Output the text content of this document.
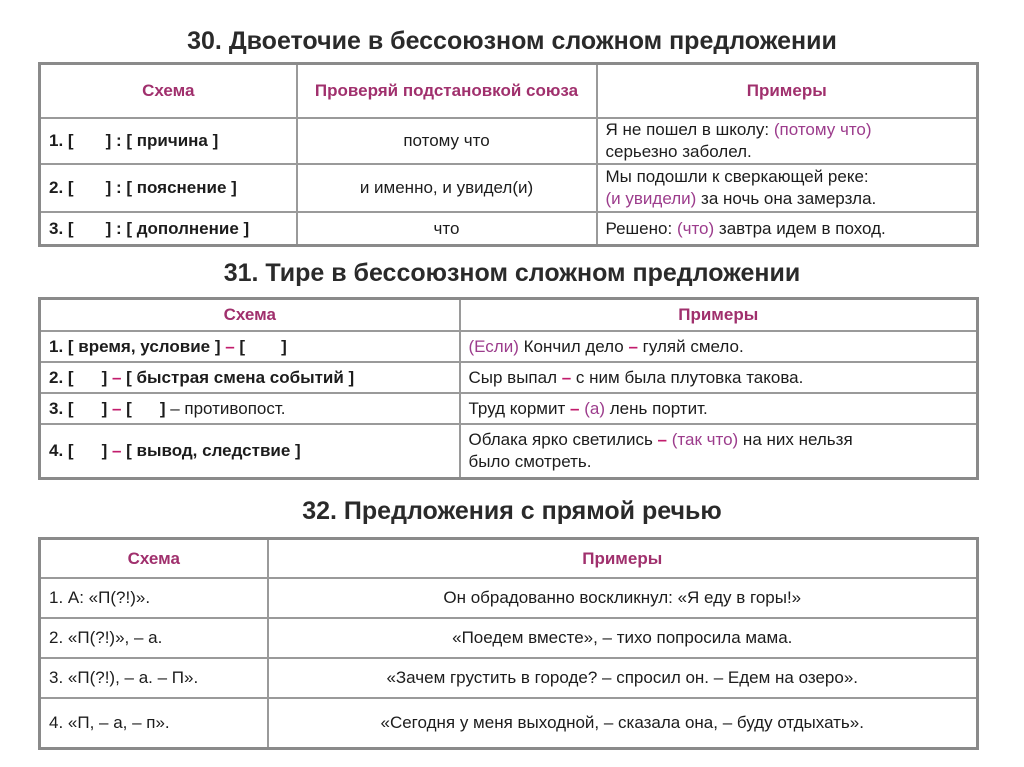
30. Двоеточие в бессоюзном сложном предложении
Схема	Проверяй подстановкой союза	Примеры
1. [ ] : [ причина ]	потому что	Я не пошел в школу: (потому что)
серьезно заболел.
2. [ ] : [ пояснение ]	и именно, и увидел(и)	Мы подошли к сверкающей реке:
(и увидели) за ночь она замерзла.
3. [ ] : [ дополнение ]	что	Решено: (что) завтра идем в поход.
31. Тире в бессоюзном сложном предложении
Схема	Примеры
1. [ время, условие ] – [ ]	(Если) Кончил дело – гуляй смело.
2. [ ] – [ быстрая смена событий ]	Сыр выпал – с ним была плутовка такова.
3. [ ] – [ ] – противопост.	Труд кормит – (а) лень портит.
4. [ ] – [ вывод, следствие ]	Облака ярко светились – (так что) на них нельзя
было смотреть.
32. Предложения с прямой речью
Схема	Примеры
1. А: «П(?!)».	Он обрадованно воскликнул: «Я еду в горы!»
2. «П(?!)», – а.	«Поедем вместе», – тихо попросила мама.
3. «П(?!), – а. – П».	«Зачем грустить в городе? – спросил он. – Едем на озеро».
4. «П, – а, – п».	«Сегодня у меня выходной, – сказала она, – буду отдыхать».
